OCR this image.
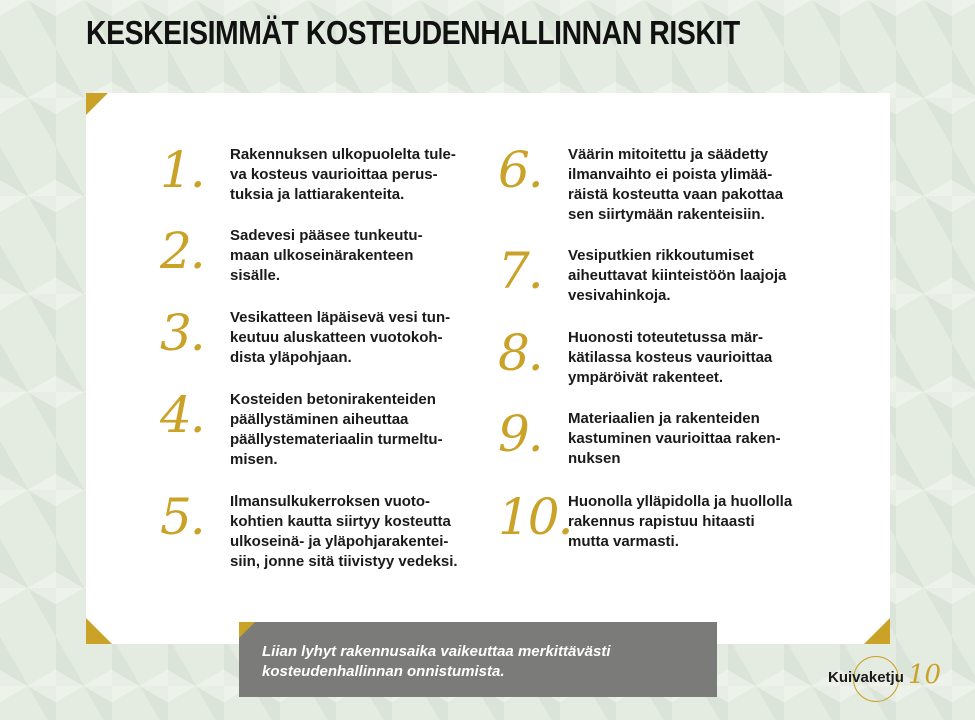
KESKEISIMMÄT KOSTEUDENHALLINNAN RISKIT
1. Rakennuksen ulkopuolelta tule-
va kosteus vaurioittaa perus-
tuksia ja lattiarakenteita.

2. Sadevesi pääsee tunkeutu-
maan ulkoseinärakenteen
sisälle.

3. Vesikatteen läpäisevä vesi tun-
keutuu aluskatteen vuotokoh-
dista yläpohjaan.

4. Kosteiden betonirakenteiden
päällystäminen aiheuttaa
päällystemateriaalin turmeltu-
misen.

5. Ilmansulkukerroksen vuoto-
kohtien kautta siirtyy kosteutta
ulkoseinä- ja yläpohjarakentei-
siin, jonne sitä tiivistyy vedeksi.

6. Väärin mitoitettu ja säädetty
ilmanvaihto ei poista ylimää-
räistä kosteutta vaan pakottaa
sen siirtymään rakenteisiin.

7. Vesiputkien rikkoutumiset
aiheuttavat kiinteistöön laajoja
vesivahinkoja.

8. Huonosti toteutetussa mär-
kätilassa kosteus vaurioittaa
ympäröivät rakenteet.

9. Materiaalien ja rakenteiden
kastuminen vaurioittaa raken-
nuksen

10.

Huonolla ylläpidolla ja huollolla
rakennus rapistuu hitaasti
mutta varmasti.

Kuivaketju 10

Liian lyhyt rakennusaika vaikeuttaa merkittävästi
kosteudenhallinnan onnistumista.
